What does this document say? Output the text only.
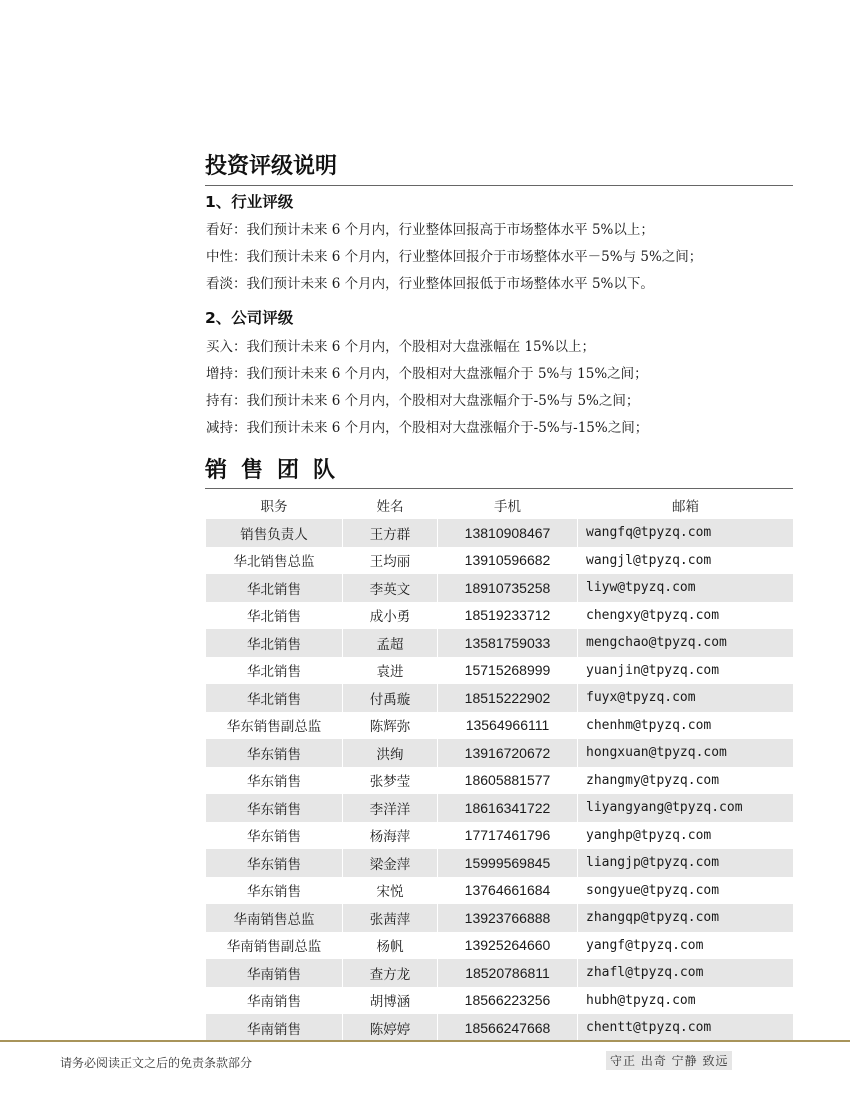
投资评级说明
1、行业评级
看好：我们预计未来 6 个月内，行业整体回报高于市场整体水平 5%以上；
中性：我们预计未来 6 个月内，行业整体回报介于市场整体水平－5%与 5%之间；
看淡：我们预计未来 6 个月内，行业整体回报低于市场整体水平 5%以下。
2、公司评级
买入：我们预计未来 6 个月内，个股相对大盘涨幅在 15%以上；
增持：我们预计未来 6 个月内，个股相对大盘涨幅介于 5%与 15%之间；
持有：我们预计未来 6 个月内，个股相对大盘涨幅介于-5%与 5%之间；
减持：我们预计未来 6 个月内，个股相对大盘涨幅介于-5%与-15%之间；
销售团队
职务	姓名	手机	邮箱
销售负责人	王方群	13810908467	wangfq@tpyzq.com
华北销售总监	王均丽	13910596682	wangjl@tpyzq.com
华北销售	李英文	18910735258	liyw@tpyzq.com
华北销售	成小勇	18519233712	chengxy@tpyzq.com
华北销售	孟超	13581759033	mengchao@tpyzq.com
华北销售	袁进	15715268999	yuanjin@tpyzq.com
华北销售	付禹璇	18515222902	fuyx@tpyzq.com
华东销售副总监	陈辉弥	13564966111	chenhm@tpyzq.com
华东销售	洪绚	13916720672	hongxuan@tpyzq.com
华东销售	张梦莹	18605881577	zhangmy@tpyzq.com
华东销售	李洋洋	18616341722	liyangyang@tpyzq.com
华东销售	杨海萍	17717461796	yanghp@tpyzq.com
华东销售	梁金萍	15999569845	liangjp@tpyzq.com
华东销售	宋悦	13764661684	songyue@tpyzq.com
华南销售总监	张茜萍	13923766888	zhangqp@tpyzq.com
华南销售副总监	杨帆	13925264660	yangf@tpyzq.com
华南销售	查方龙	18520786811	zhafl@tpyzq.com
华南销售	胡博涵	18566223256	hubh@tpyzq.com
华南销售	陈婷婷	18566247668	chentt@tpyzq.com
请务必阅读正文之后的免责条款部分	守正 出奇 宁静 致远
